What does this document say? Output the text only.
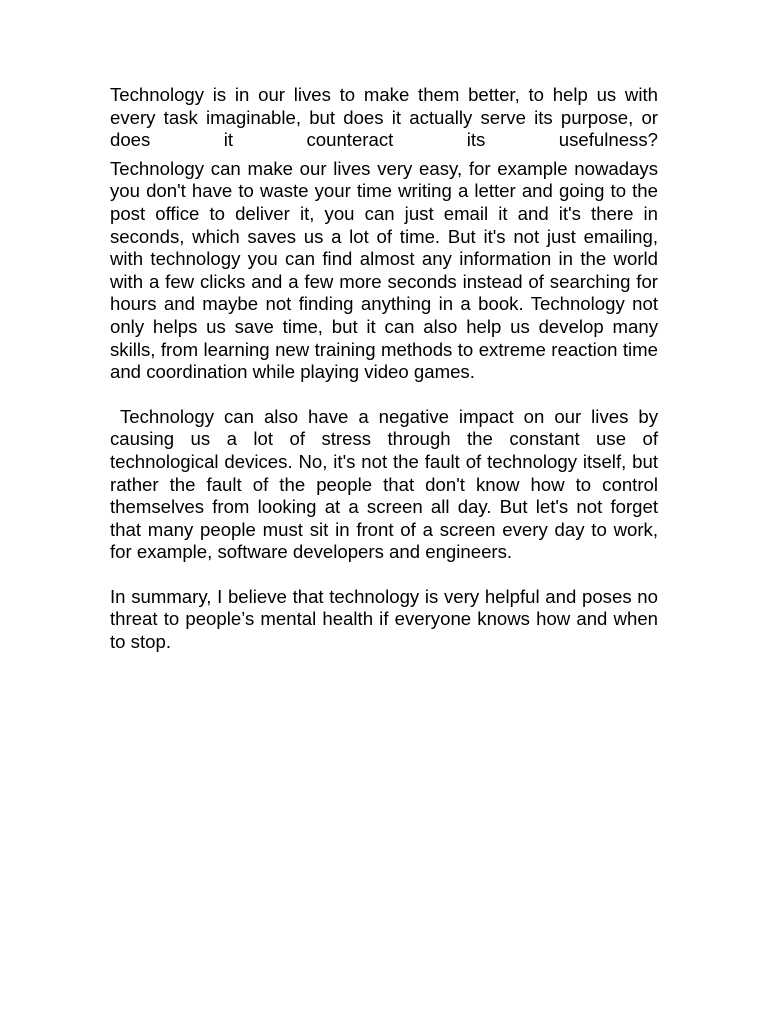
Technology is in our lives to make them better, to help us with every task imaginable, but does it actually serve its purpose, or does it counteract its usefulness?

Technology can make our lives very easy, for example nowadays you don't have to waste your time writing a letter and going to the post office to deliver it, you can just email it and it's there in seconds, which saves us a lot of time. But it's not just emailing, with technology you can find almost any information in the world with a few clicks and a few more seconds instead of searching for hours and maybe not finding anything in a book. Technology not only helps us save time, but it can also help us develop many skills, from learning new training methods to extreme reaction time and coordination while playing video games.

Technology can also have a negative impact on our lives by causing us a lot of stress through the constant use of technological devices. No, it's not the fault of technology itself, but rather the fault of the people that don't know how to control themselves from looking at a screen all day. But let's not forget that many people must sit in front of a screen every day to work, for example, software developers and engineers.

In summary, I believe that technology is very helpful and poses no threat to people’s mental health if everyone knows how and when to stop.
